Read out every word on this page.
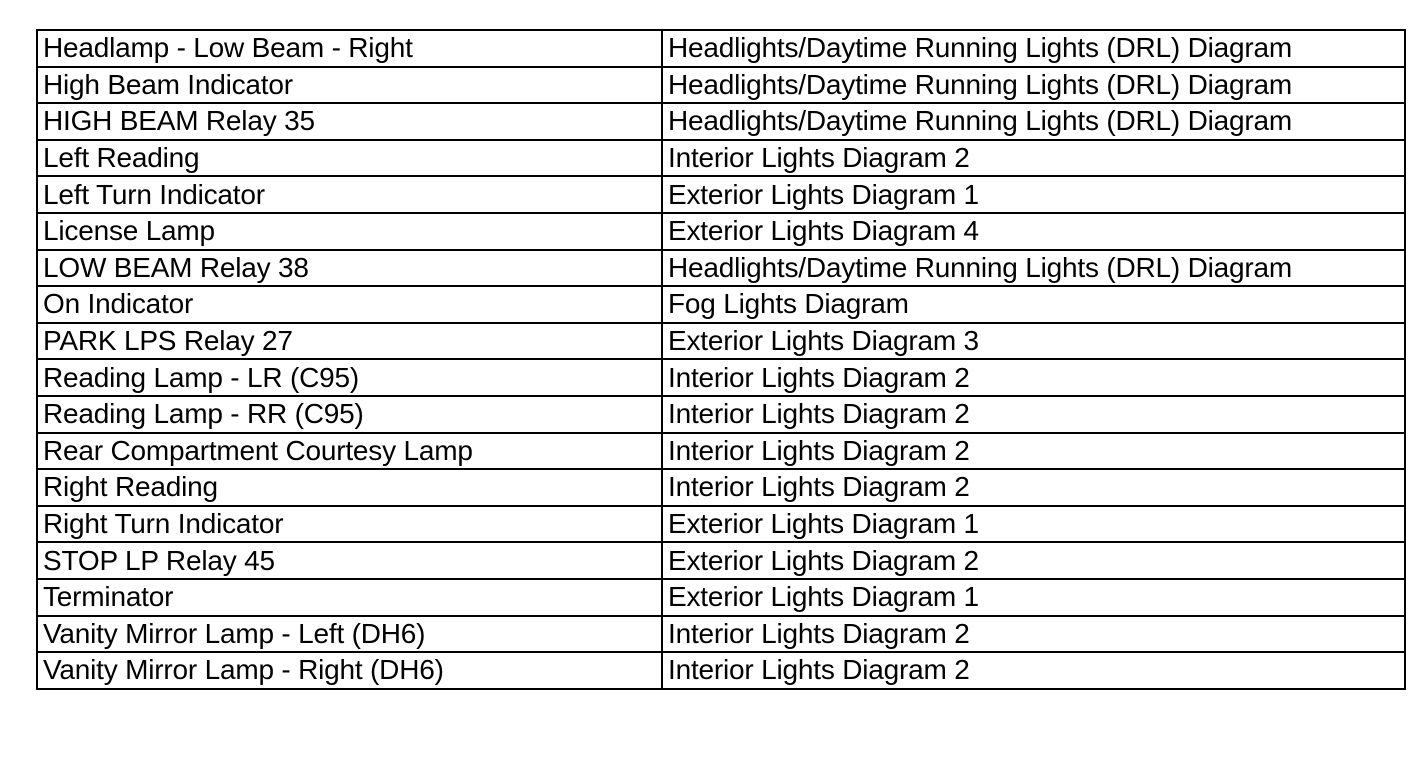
Headlamp - Low Beam - Right	Headlights/Daytime Running Lights (DRL) Diagram
High Beam Indicator	Headlights/Daytime Running Lights (DRL) Diagram
HIGH BEAM Relay 35	Headlights/Daytime Running Lights (DRL) Diagram
Left Reading	Interior Lights Diagram 2
Left Turn Indicator	Exterior Lights Diagram 1
License Lamp	Exterior Lights Diagram 4
LOW BEAM Relay 38	Headlights/Daytime Running Lights (DRL) Diagram
On Indicator	Fog Lights Diagram
PARK LPS Relay 27	Exterior Lights Diagram 3
Reading Lamp - LR (C95)	Interior Lights Diagram 2
Reading Lamp - RR (C95)	Interior Lights Diagram 2
Rear Compartment Courtesy Lamp	Interior Lights Diagram 2
Right Reading	Interior Lights Diagram 2
Right Turn Indicator	Exterior Lights Diagram 1
STOP LP Relay 45	Exterior Lights Diagram 2
Terminator	Exterior Lights Diagram 1
Vanity Mirror Lamp - Left (DH6)	Interior Lights Diagram 2
Vanity Mirror Lamp - Right (DH6)	Interior Lights Diagram 2
